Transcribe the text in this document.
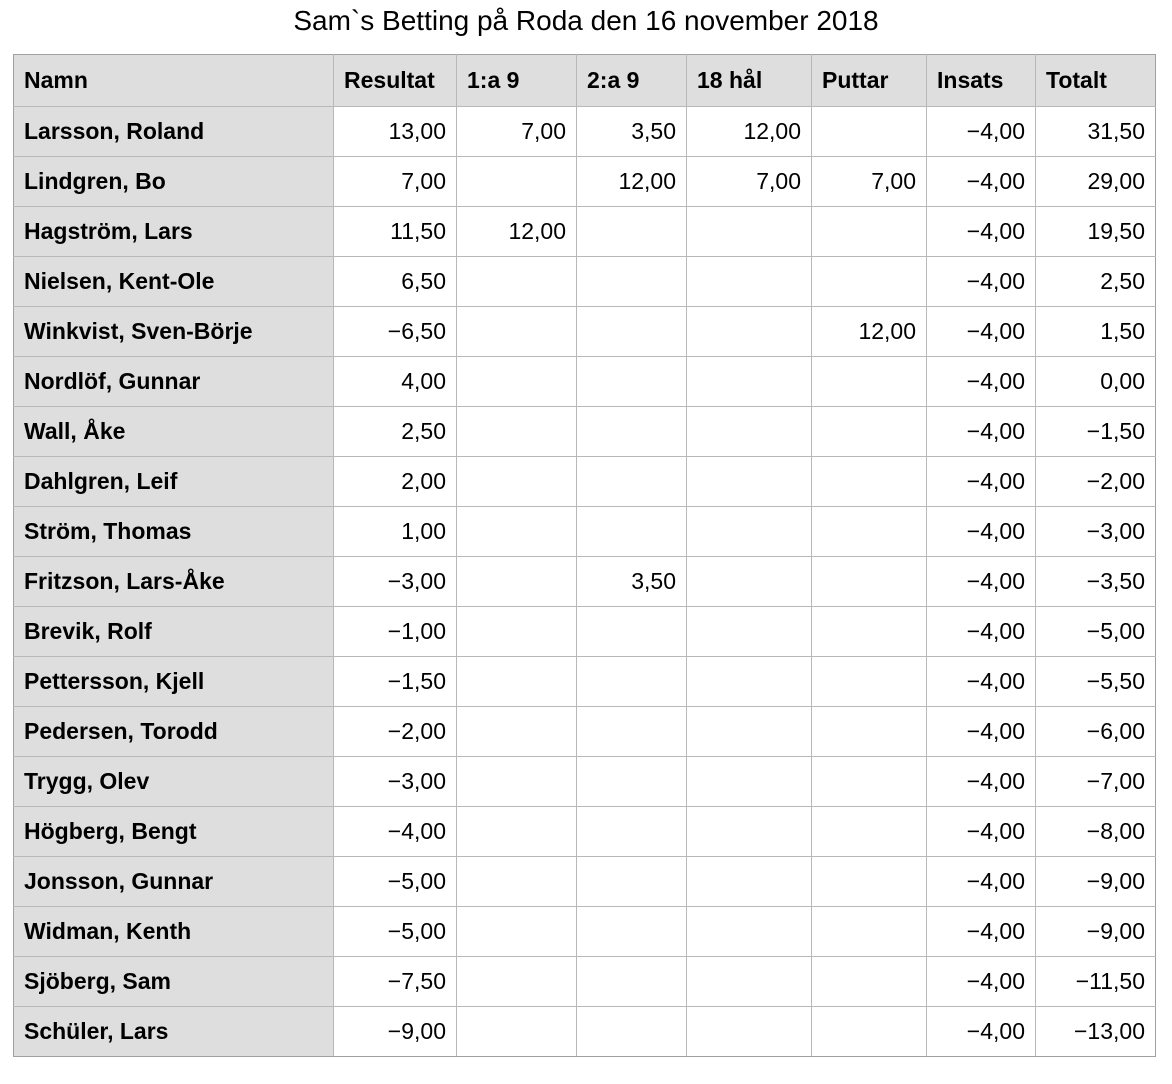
Sam`s Betting på Roda den 16 november 2018
Namn	Resultat	1:a 9	2:a 9	18 hål	Puttar	Insats	Totalt
Larsson, Roland	13,00	7,00	3,50	12,00		−4,00	31,50
Lindgren, Bo	7,00		12,00	7,00	7,00	−4,00	29,00
Hagström, Lars	11,50	12,00				−4,00	19,50
Nielsen, Kent-Ole	6,50					−4,00	2,50
Winkvist, Sven-Börje	−6,50				12,00	−4,00	1,50
Nordlöf, Gunnar	4,00					−4,00	0,00
Wall, Åke	2,50					−4,00	−1,50
Dahlgren, Leif	2,00					−4,00	−2,00
Ström, Thomas	1,00					−4,00	−3,00
Fritzson, Lars-Åke	−3,00		3,50			−4,00	−3,50
Brevik, Rolf	−1,00					−4,00	−5,00
Pettersson, Kjell	−1,50					−4,00	−5,50
Pedersen, Torodd	−2,00					−4,00	−6,00
Trygg, Olev	−3,00					−4,00	−7,00
Högberg, Bengt	−4,00					−4,00	−8,00
Jonsson, Gunnar	−5,00					−4,00	−9,00
Widman, Kenth	−5,00					−4,00	−9,00
Sjöberg, Sam	−7,50					−4,00	−11,50
Schüler, Lars	−9,00					−4,00	−13,00
